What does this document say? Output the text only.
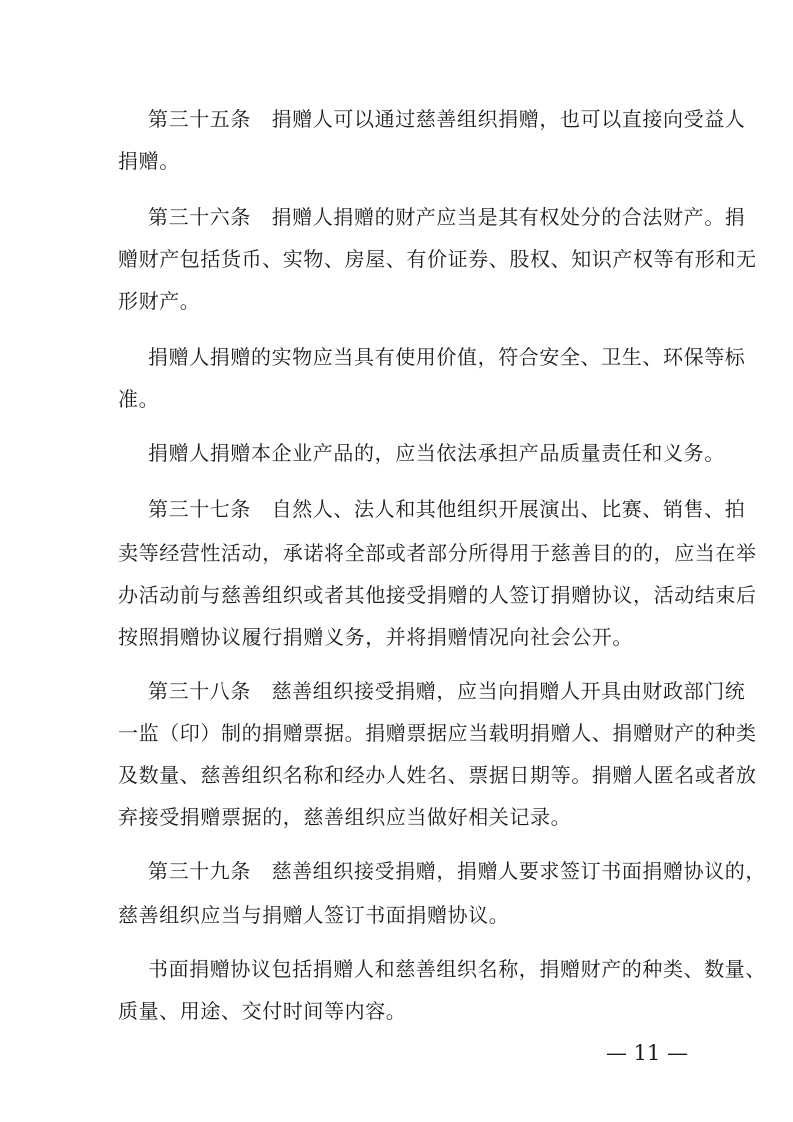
第三十五条　捐赠人可以通过慈善组织捐赠，也可以直接向受益人
捐赠。
第三十六条　捐赠人捐赠的财产应当是其有权处分的合法财产。捐
赠财产包括货币、实物、房屋、有价证券、股权、知识产权等有形和无
形财产。
捐赠人捐赠的实物应当具有使用价值，符合安全、卫生、环保等标
准。
捐赠人捐赠本企业产品的，应当依法承担产品质量责任和义务。
第三十七条　自然人、法人和其他组织开展演出、比赛、销售、拍
卖等经营性活动，承诺将全部或者部分所得用于慈善目的的，应当在举
办活动前与慈善组织或者其他接受捐赠的人签订捐赠协议，活动结束后
按照捐赠协议履行捐赠义务，并将捐赠情况向社会公开。
第三十八条　慈善组织接受捐赠，应当向捐赠人开具由财政部门统
一监（印）制的捐赠票据。捐赠票据应当载明捐赠人、捐赠财产的种类
及数量、慈善组织名称和经办人姓名、票据日期等。捐赠人匿名或者放
弃接受捐赠票据的，慈善组织应当做好相关记录。
第三十九条　慈善组织接受捐赠，捐赠人要求签订书面捐赠协议的，
慈善组织应当与捐赠人签订书面捐赠协议。
书面捐赠协议包括捐赠人和慈善组织名称，捐赠财产的种类、数量、
质量、用途、交付时间等内容。
— 11 —
